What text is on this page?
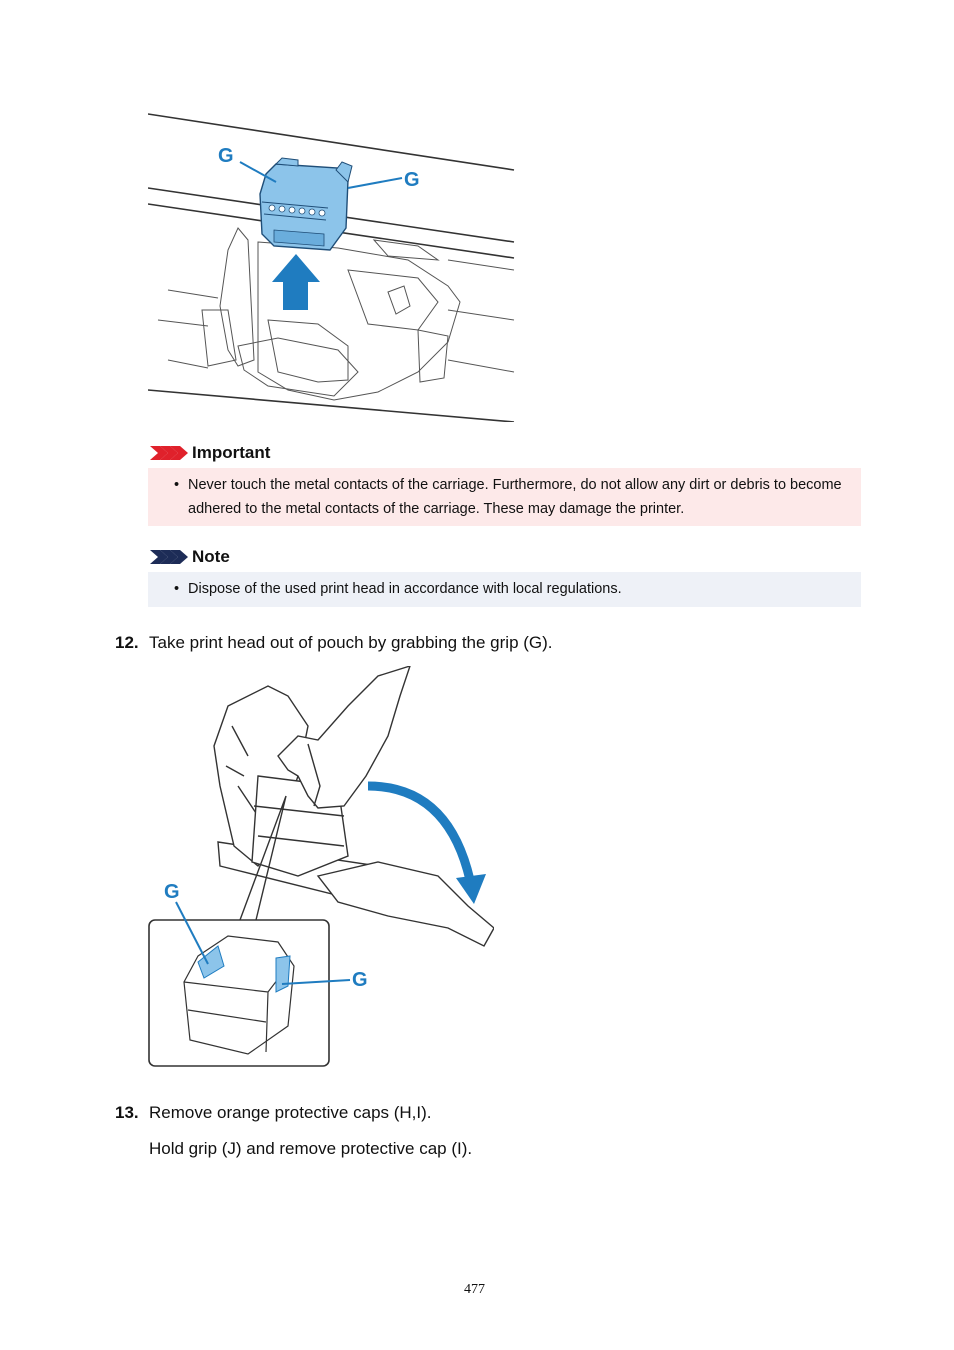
G
G
Important
• Never touch the metal contacts of the carriage. Furthermore, do not allow any dirt or debris to become adhered to the metal contacts of the carriage. These may damage the printer.
Note
• Dispose of the used print head in accordance with local regulations.
12. Take print head out of pouch by grabbing the grip (G).
G
G
13. Remove orange protective caps (H,I).
Hold grip (J) and remove protective cap (I).
477
